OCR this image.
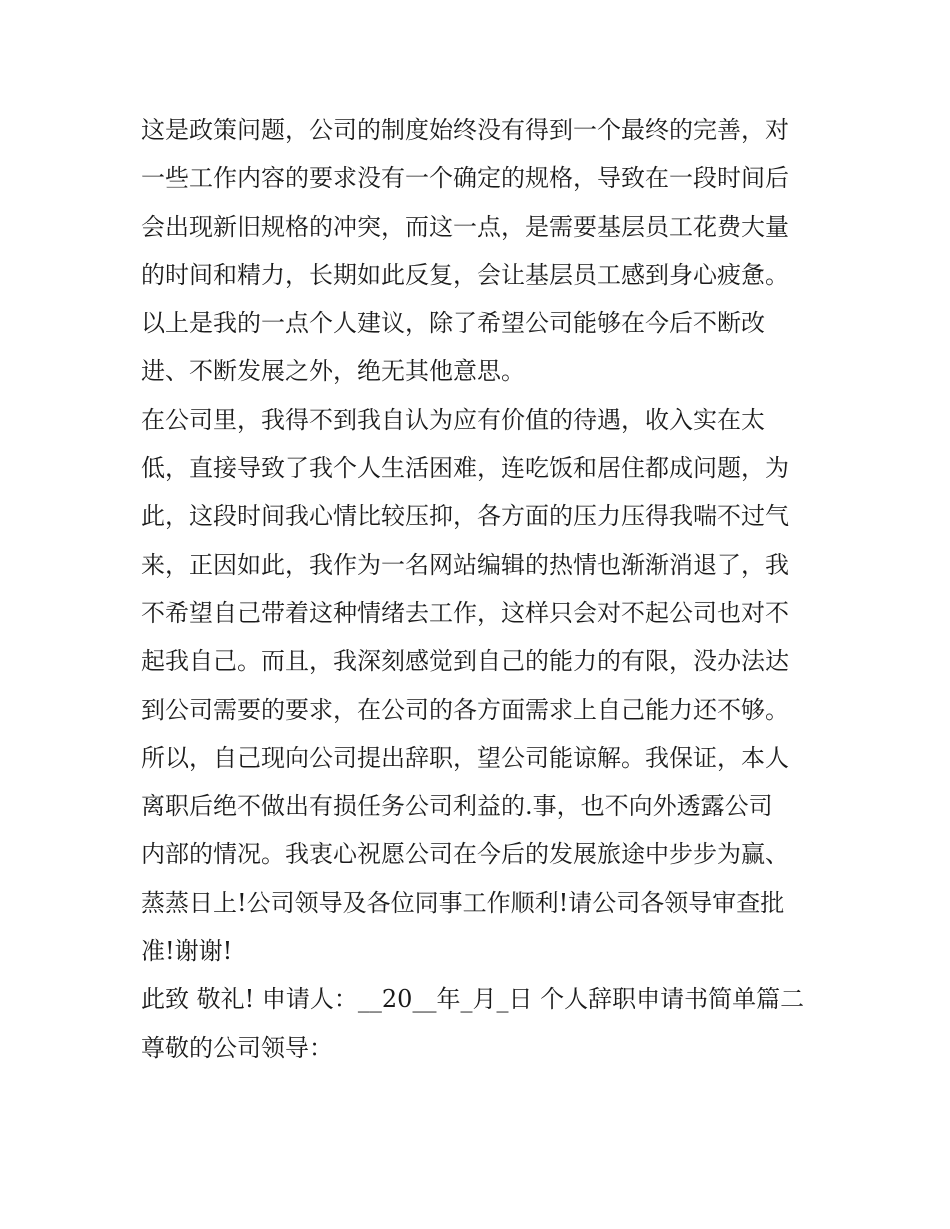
这是政策问题，公司的制度始终没有得到一个最终的完善，对
一些工作内容的要求没有一个确定的规格，导致在一段时间后
会出现新旧规格的冲突，而这一点，是需要基层员工花费大量
的时间和精力，长期如此反复，会让基层员工感到身心疲惫。
以上是我的一点个人建议，除了希望公司能够在今后不断改
进、不断发展之外，绝无其他意思。
在公司里，我得不到我自认为应有价值的待遇，收入实在太
低，直接导致了我个人生活困难，连吃饭和居住都成问题，为
此，这段时间我心情比较压抑，各方面的压力压得我喘不过气
来，正因如此，我作为一名网站编辑的热情也渐渐消退了，我
不希望自己带着这种情绪去工作，这样只会对不起公司也对不
起我自己。而且，我深刻感觉到自己的能力的有限，没办法达
到公司需要的要求，在公司的各方面需求上自己能力还不够。
所以，自己现向公司提出辞职，望公司能谅解。我保证，本人
离职后绝不做出有损任务公司利益的.事，也不向外透露公司
内部的情况。我衷心祝愿公司在今后的发展旅途中步步为赢、
蒸蒸日上!公司领导及各位同事工作顺利!请公司各领导审查批
准!谢谢!
此致 敬礼! 申请人：__20__年_月_日 个人辞职申请书简单篇二
尊敬的公司领导：
